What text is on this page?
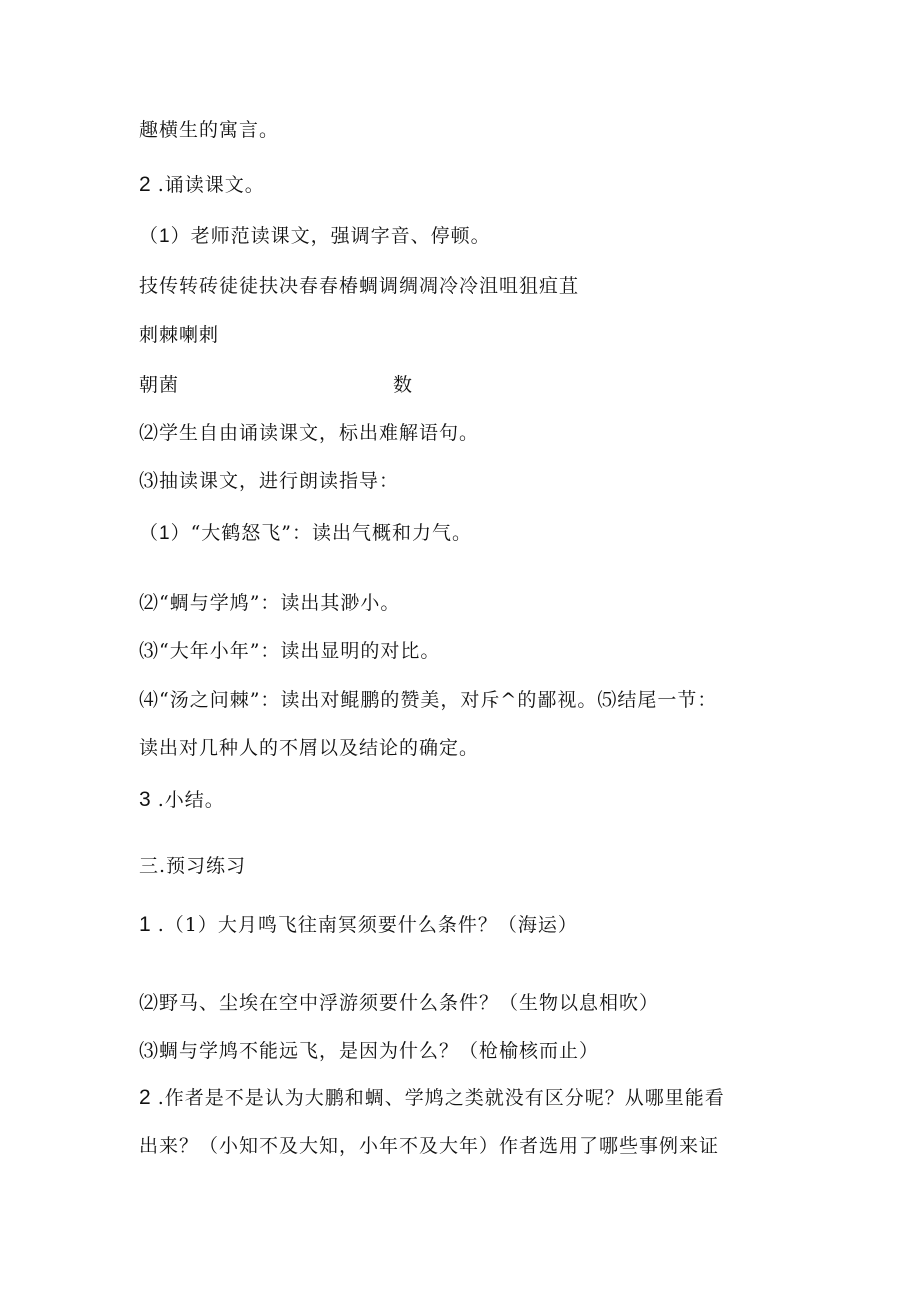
趣横生的寓言。
2 .诵读课文。
（1）老师范读课文，强调字音、停顿。
技传转砖徒徒扶决春春椿蜩调绸凋冷冷沮咀狙疽苴
刺棘喇剌
朝菌	数
⑵学生自由诵读课文，标出难解语句。
⑶抽读课文，进行朗读指导：
（1）“大鹤怒飞”：读出气概和力气。
⑵“蜩与学鸠”：读出其渺小。
⑶“大年小年”：读出显明的对比。
⑷“汤之问棘”：读出对鲲鹏的赞美，对斥^的鄙视。⑸结尾一节：
读出对几种人的不屑以及结论的确定。
3 .小结。
三.预习练习
1 .（1）大月鸣飞往南冥须要什么条件？（海运）
⑵野马、尘埃在空中浮游须要什么条件？（生物以息相吹）
⑶蜩与学鸠不能远飞，是因为什么？（枪榆核而止）
2 .作者是不是认为大鹏和蜩、学鸠之类就没有区分呢？从哪里能看
出来？（小知不及大知，小年不及大年）作者选用了哪些事例来证
